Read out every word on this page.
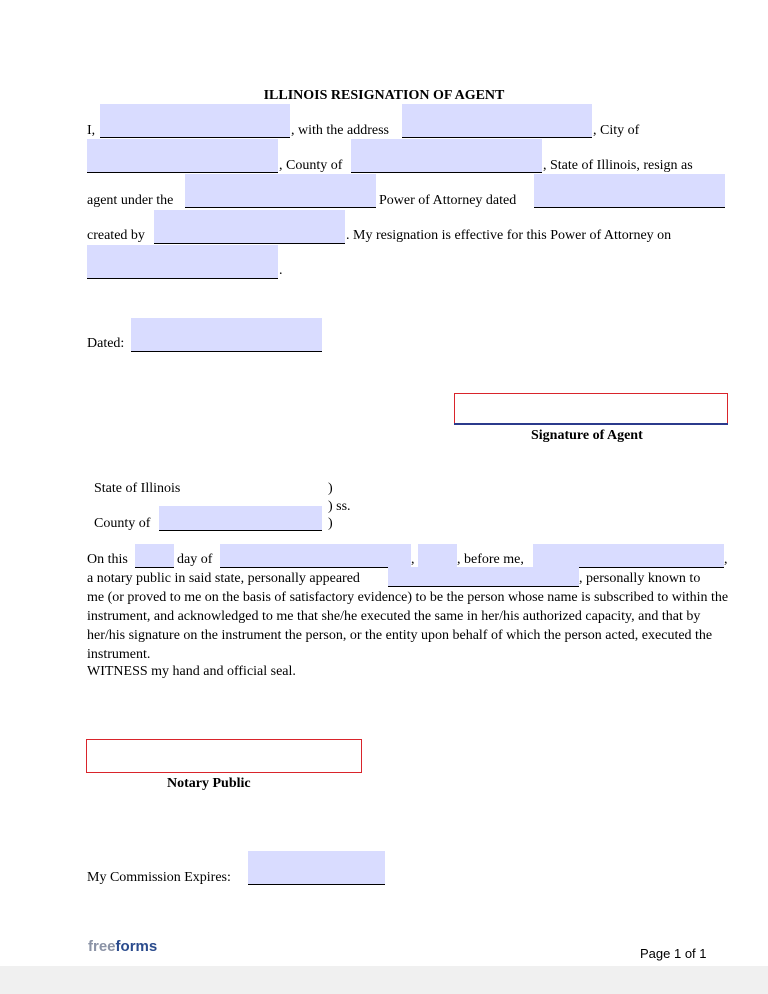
ILLINOIS RESIGNATION OF AGENT
I,	, with the address	, City of
, County of	, State of Illinois, resign as
agent under the	Power of Attorney dated
created by	. My resignation is effective for this Power of Attorney on
.
Dated:
Signature of Agent
State of Illinois	)
) ss.
County of	)
On this	day of	,	, before me,	,
a notary public in said state, personally appeared	, personally known to
me (or proved to me on the basis of satisfactory evidence) to be the person whose name is subscribed to within the instrument, and acknowledged to me that she/he executed the same in her/his authorized capacity, and that by her/his signature on the instrument the person, or the entity upon behalf of which the person acted, executed the instrument.
WITNESS my hand and official seal.
Notary Public
My Commission Expires:
freeforms	Page 1 of 1
